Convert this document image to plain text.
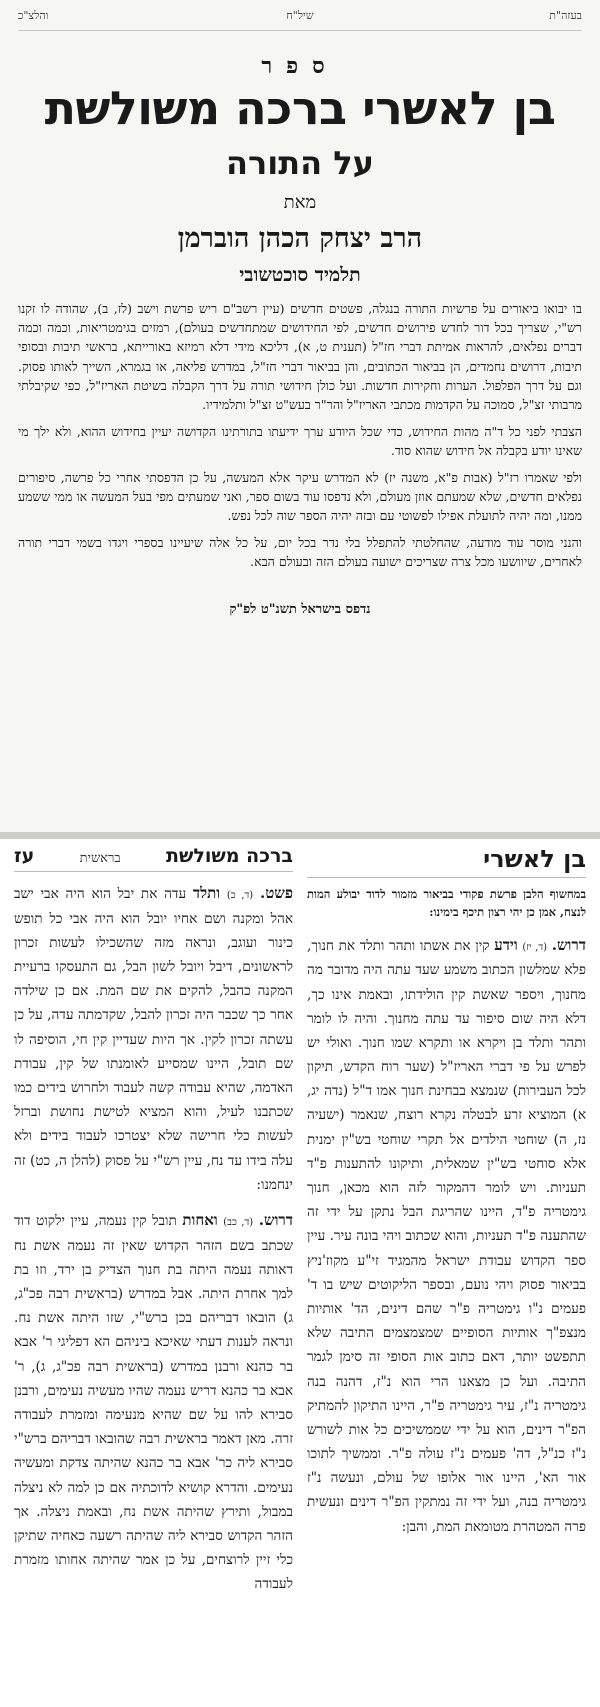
בעזה"ת
שיל"ח
והלצ"כ
ספר
בן לאשרי ברכה משולשת
על התורה
מאת
הרב יצחק הכהן הוברמן
תלמיד סוכטשובי

בו יבואו ביאורים על פרשיות התורה בנגלה, פשטים חדשים (עיין רשב"ם ריש פרשת וישב (לז, ב), שהודה לו זקנו רש"י, שצריך בכל דור לחדש פירושים חדשים, לפי החידושים שמתחדשים בעולם), רמזים בגימטריאות, וכמה וכמה דברים נפלאים, להראות אמיתת דברי חז"ל (תענית ט, א), דליכא מידי דלא רמיזא באורייתא, בראשי תיבות ובסופי תיבות, דרושים נחמדים, הן בביאור הכתובים, והן בביאור דברי חז"ל, במדרש פליאה, או בגמרא, השייך לאותו פסוק. וגם על דרך הפלפול. הערות וחקירות חדשות. ועל כולן חידושי תורה על דרך הקבלה בשיטת האריז"ל, כפי שקיבלתי מרבותי זצ"ל, סמוכה על הקדמות מכתבי האריז"ל והר"ר בעש"ט זצ"ל ותלמידיו.

הצבתי לפני כל ד"ה מהות החידוש, כדי שכל היודע ערך ידיעתו בתורתינו הקדושה יעיין בחידוש ההוא, ולא ילך מי שאינו יודע בקבלה אל חידוש שהוא סוד.

ולפי שאמרו רז"ל (אבות פ"א, משנה יז) לא המדרש עיקר אלא המעשה, על כן הדפסתי אחרי כל פרשה, סיפורים נפלאים חדשים, שלא שמעתם אוזן מעולם, ולא נדפסו עוד בשום ספר, ואני שמעתים מפי בעל המעשה או ממי ששמע ממנו, ומה יהיה לתועלת אפילו לפשוטי עם ובזה יהיה הספר שוה לכל נפש.

והנני מוסר עוד מודעה, שהחלטתי להתפלל בלי נדר בכל יום, על כל אלה שיעיינו בספרי ויגדו בשמי דברי תורה לאחרים, שיוושעו מכל צרה שצריכים ישועה בעולם הזה ובעולם הבא.

נדפס בישראל תשנ"ט לפ"ק
בן לאשרי

במחשוף הלבן פרשת פקודי בביאור מזמור לדוד יבולע המות לנצח, אמן כן יהי רצון תיכף בימינו:

דרוש. (ד, יז) וידע קין את אשתו ותהר ותלד את חנוך, פלא שמלשון הכתוב משמע שעד עתה היה מדובר מה מחנוך, ויספר שאשת קין הולידתו, ובאמת אינו כך, דלא היה שום סיפור עד עתה מחנוך. והיה לו לומר ותהר ותלד בן ויקרא או ותקרא שמו חנוך. ואולי יש לפרש על פי דברי האריז"ל (שער רוח הקדש, תיקון לכל העבירות) שנמצא בבחינת חנוך אמו ד"ל (נדה יג, א) המוציא זרע לבטלה נקרא רוצח, שנאמר (ישעיה נז, ה) שוחטי הילדים אל תקרי שוחטי בש"ין ימנית אלא סוחטי בש"ין שמאלית, ותיקונו להתענות פ"ד תעניות. ויש לומר דהמקור לזה הוא מכאן, חנוך גימטריה פ"ד, היינו שהריגת הבל נתקן על ידי זה שהתענה פ"ד תעניות, והוא שכתוב ויהי בונה עיר. עיין ספר הקדוש עבודת ישראל מהמגיד זי"ע מקוז'ניץ בביאור פסוק ויהי נועם, ובספר הליקוטים שיש בו ד' פעמים נ"ו גימטריה פ"ר שהם דינים, הד' אותיות מנצפ"ך אותיות הסופיים שמצמצמים התיבה שלא תתפשט יותר, דאם כתוב אות הסופי זה סימן לגמר התיבה. ועל כן מצאנו הרי הוא נ"ז, דהנה בנה גימטריה נ"ז, עיר גימטריה פ"ר, היינו התיקון להמתיק הפ"ר דינים, הוא על ידי שממשיכים כל אות לשורש נ"ז כנ"ל, דה' פעמים נ"ז עולה פ"ר. וממשיך לתוכו אור הא', היינו אור אלופו של עולם, ונעשה נ"ז גימטריה בנה, ועל ידי זה נמתקין הפ"ר דינים ונעשית פרה המטהרת מטומאת המת, והבן:

ברכה משולשת
בראשית
עז

פשט. (ד, כ) ותלד עדה את יבל הוא היה אבי ישב אהל ומקנה ושם אחיו יובל הוא היה אבי כל תופש כינור ועוגב, ונראה מזה שהשכילו לעשות זכרון לראשונים, דיבל ויובל לשון הבל, גם התעסקו ברעיית המקנה כהבל, להקים את שם המת. אם כן שילדה אחר כך שכבר היה זכרון להבל, שקדמתה עדה, על כן עשתה זכרון לקין. אך היות שעדיין קין חי, הוסיפה לו שם תובל, היינו שמסייע לאומנתו של קין, עבודת האדמה, שהיא עבודה קשה לעבוד ולחרוש בידים כמו שכתבנו לעיל, והוא המציא לטישת נחושת וברזל לעשות כלי חרישה שלא יצטרכו לעבוד בידים ולא עלה בידו עד נח, עיין רש"י על פסוק (להלן ה, כט) זה ינחמנו:

דרוש. (ד, כב) ואחות תובל קין נעמה, עיין ילקוט דוד שכתב בשם הזהר הקדוש שאין זה נעמה אשת נח דאותה נעמה היתה בת חנוך הצדיק בן ירד, וזו בת למך אחרת היתה. אבל במדרש (בראשית רבה פכ"ג, ג) הובאו דבריהם בכן ברש"י, שזו היתה אשת נח. ונראה לענות דעתי שאיכא ביניהם הא דפליגי ר' אבא בר כהנא ורבנן במדרש (בראשית רבה פכ"ג, ג), ר' אבא בר כהנא דריש נעמה שהיו מעשיה נעימים, ורבנן סבירא להו על שם שהיא מנעימה ומזמרת לעבודה זרה. מאן דאמר בראשית רבה שהובאו דבריהם ברש"י סבירא ליה כר' אבא בר כהנא שהיתה צדקת ומעשיה נעימים. והדרא קושיא לדוכתיה אם כן למה לא ניצלה במבול, ותירץ שהיתה אשת נח, ובאמת ניצלה. אך הזהר הקדוש סבירא ליה שהיתה רשעה כאחיה שתיקן כלי זיין לרוצחים, על כן אמר שהיתה אחותו מזמרת לעבודה
